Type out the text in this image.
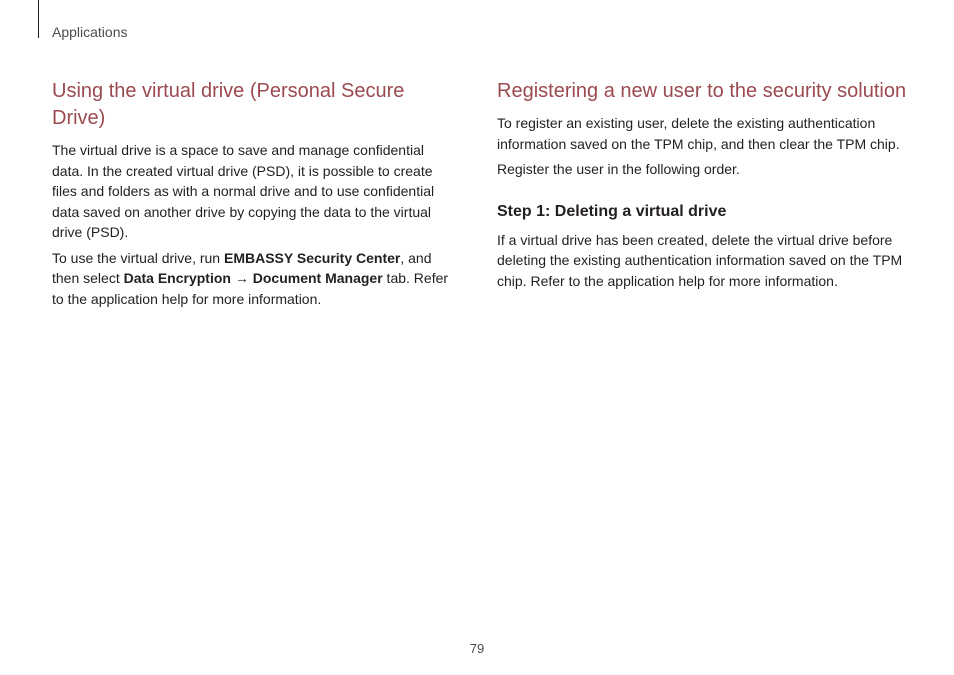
Applications
Using the virtual drive (Personal Secure Drive)

The virtual drive is a space to save and manage confidential data. In the created virtual drive (PSD), it is possible to create files and folders as with a normal drive and to use confidential data saved on another drive by copying the data to the virtual drive (PSD).

To use the virtual drive, run EMBASSY Security Center, and then select Data Encryption → Document Manager tab. Refer to the application help for more information.

Registering a new user to the security solution

To register an existing user, delete the existing authentication information saved on the TPM chip, and then clear the TPM chip.

Register the user in the following order.

Step 1: Deleting a virtual drive

If a virtual drive has been created, delete the virtual drive before deleting the existing authentication information saved on the TPM chip. Refer to the application help for more information.

79
